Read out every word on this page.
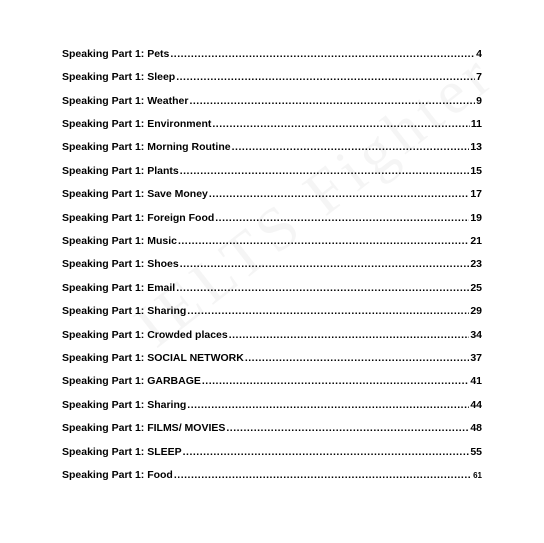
Speaking Part 1: Pets .....	4
Speaking Part 1: Sleep .....	7
Speaking Part 1: Weather .....	9
Speaking Part 1: Environment .....	11
Speaking Part 1: Morning Routine .....	13
Speaking Part 1: Plants .....	15
Speaking Part 1: Save Money .....	17
Speaking Part 1: Foreign Food .....	19
Speaking Part 1: Music .....	21
Speaking Part 1: Shoes .....	23
Speaking Part 1: Email .....	25
Speaking Part 1: Sharing .....	29
Speaking Part 1: Crowded places .....	34
Speaking Part 1: SOCIAL NETWORK .....	37
Speaking Part 1: GARBAGE .....	41
Speaking Part 1: Sharing .....	44
Speaking Part 1: FILMS/ MOVIES .....	48
Speaking Part 1: SLEEP .....	55
Speaking Part 1: Food .....	61
